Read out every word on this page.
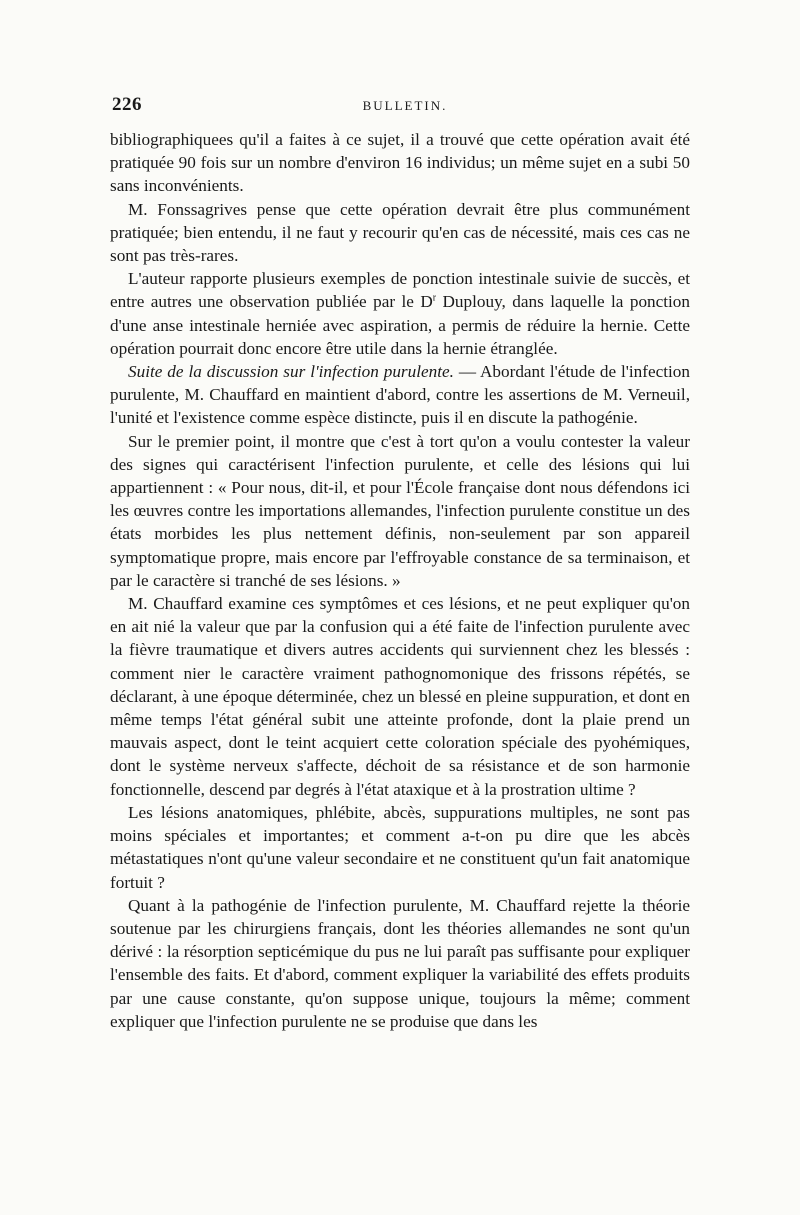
226	BULLETIN.

bibliographiquees qu'il a faites à ce sujet, il a trouvé que cette opération avait été pratiquée 90 fois sur un nombre d'environ 16 individus; un même sujet en a subi 50 sans inconvénients.

M. Fonssagrives pense que cette opération devrait être plus communément pratiquée; bien entendu, il ne faut y recourir qu'en cas de nécessité, mais ces cas ne sont pas très-rares.

L'auteur rapporte plusieurs exemples de ponction intestinale suivie de succès, et entre autres une observation publiée par le $D^r$ Duplouy, dans laquelle la ponction d'une anse intestinale herniée avec aspiration, a permis de réduire la hernie. Cette opération pourrait donc encore être utile dans la hernie étranglée.

Suite de la discussion sur l'infection purulente. — Abordant l'étude de l'infection purulente, M. Chauffard en maintient d'abord, contre les assertions de M. Verneuil, l'unité et l'existence comme espèce distincte, puis il en discute la pathogénie.

Sur le premier point, il montre que c'est à tort qu'on a voulu contester la valeur des signes qui caractérisent l'infection purulente, et celle des lésions qui lui appartiennent : « Pour nous, dit-il, et pour l'École française dont nous défendons ici les œuvres contre les importations allemandes, l'infection purulente constitue un des états morbides les plus nettement définis, non-seulement par son appareil symptomatique propre, mais encore par l'effroyable constance de sa terminaison, et par le caractère si tranché de ses lésions. »

M. Chauffard examine ces symptômes et ces lésions, et ne peut expliquer qu'on en ait nié la valeur que par la confusion qui a été faite de l'infection purulente avec la fièvre traumatique et divers autres accidents qui surviennent chez les blessés : comment nier le caractère vraiment pathognomonique des frissons répétés, se déclarant, à une époque déterminée, chez un blessé en pleine suppuration, et dont en même temps l'état général subit une atteinte profonde, dont la plaie prend un mauvais aspect, dont le teint acquiert cette coloration spéciale des pyohémiques, dont le système nerveux s'affecte, déchoit de sa résistance et de son harmonie fonctionnelle, descend par degrés à l'état ataxique et à la prostration ultime ?

Les lésions anatomiques, phlébite, abcès, suppurations multiples, ne sont pas moins spéciales et importantes; et comment a-t-on pu dire que les abcès métastatiques n'ont qu'une valeur secondaire et ne constituent qu'un fait anatomique fortuit ?

Quant à la pathogénie de l'infection purulente, M. Chauffard rejette la théorie soutenue par les chirurgiens français, dont les théories allemandes ne sont qu'un dérivé : la résorption septicémique du pus ne lui paraît pas suffisante pour expliquer l'ensemble des faits. Et d'abord, comment expliquer la variabilité des effets produits par une cause constante, qu'on suppose unique, toujours la même; comment expliquer que l'infection purulente ne se produise que dans les
